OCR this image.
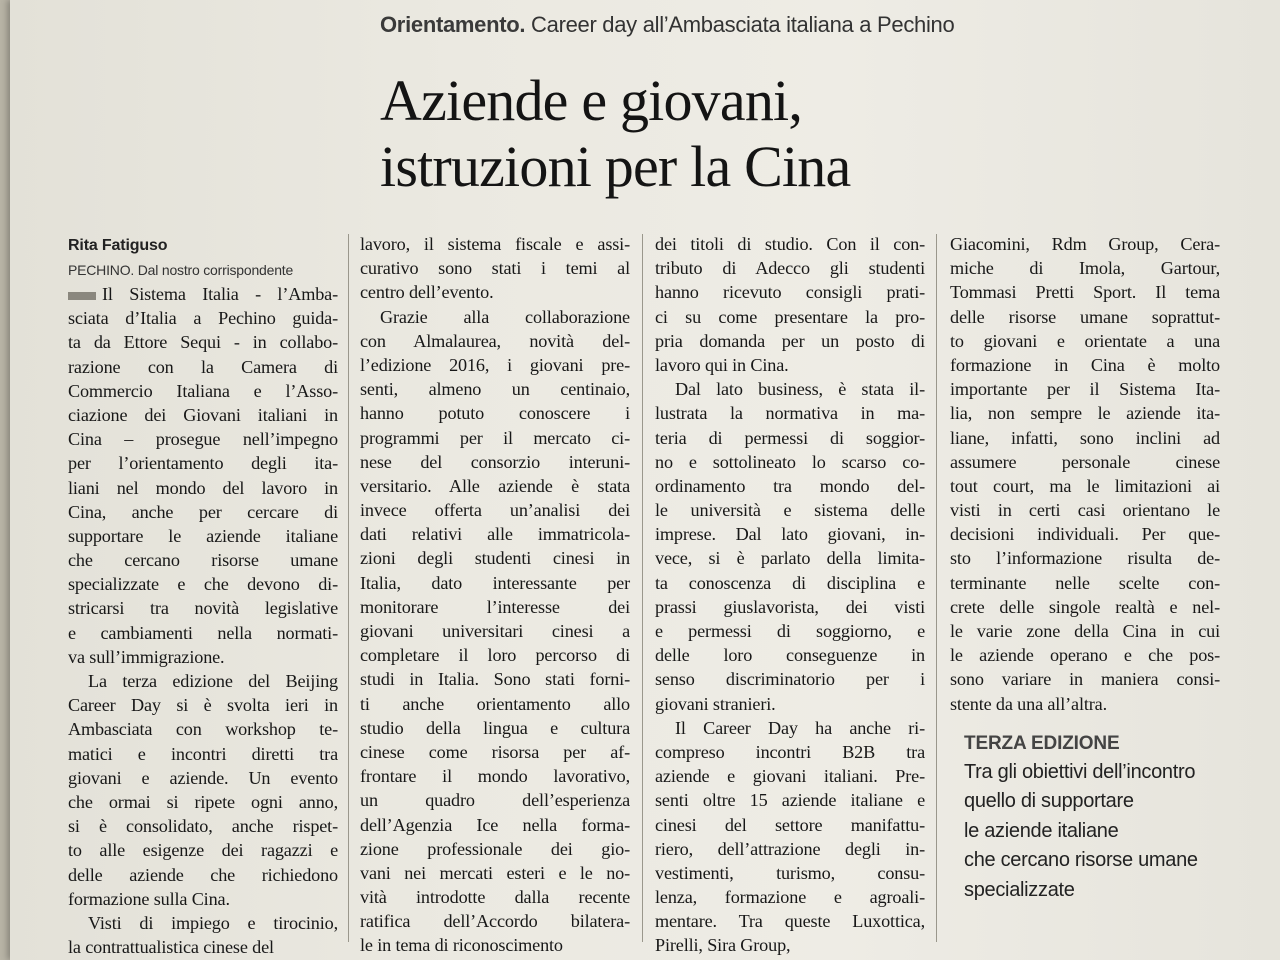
Orientamento. Career day all’Ambasciata italiana a Pechino
Aziende e giovani,
istruzioni per la Cina
Rita Fatiguso
PECHINO. Dal nostro corrispondente
Il Sistema Italia - l’Amba-
sciata d’Italia a Pechino guida-
ta da Ettore Sequi - in collabo-
razione con la Camera di
Commercio Italiana e l’Asso-
ciazione dei Giovani italiani in
Cina – prosegue nell’impegno
per l’orientamento degli ita-
liani nel mondo del lavoro in
Cina, anche per cercare di
supportare le aziende italiane
che cercano risorse umane
specializzate e che devono di-
stricarsi tra novità legislative
e cambiamenti nella normati-
va sull’immigrazione.
La terza edizione del Beijing
Career Day si è svolta ieri in
Ambasciata con workshop te-
matici e incontri diretti tra
giovani e aziende. Un evento
che ormai si ripete ogni anno,
si è consolidato, anche rispet-
to alle esigenze dei ragazzi e
delle aziende che richiedono
formazione sulla Cina.
Visti di impiego e tirocinio,
la contrattualistica cinese del
lavoro, il sistema fiscale e assi-
curativo sono stati i temi al
centro dell’evento.
Grazie alla collaborazione
con Almalaurea, novità del-
l’edizione 2016, i giovani pre-
senti, almeno un centinaio,
hanno potuto conoscere i
programmi per il mercato ci-
nese del consorzio interuni-
versitario. Alle aziende è stata
invece offerta un’analisi dei
dati relativi alle immatricola-
zioni degli studenti cinesi in
Italia, dato interessante per
monitorare l’interesse dei
giovani universitari cinesi a
completare il loro percorso di
studi in Italia. Sono stati forni-
ti anche orientamento allo
studio della lingua e cultura
cinese come risorsa per af-
frontare il mondo lavorativo,
un quadro dell’esperienza
dell’Agenzia Ice nella forma-
zione professionale dei gio-
vani nei mercati esteri e le no-
vità introdotte dalla recente
ratifica dell’Accordo bilatera-
le in tema di riconoscimento
dei titoli di studio. Con il con-
tributo di Adecco gli studenti
hanno ricevuto consigli prati-
ci su come presentare la pro-
pria domanda per un posto di
lavoro qui in Cina.
Dal lato business, è stata il-
lustrata la normativa in ma-
teria di permessi di soggior-
no e sottolineato lo scarso co-
ordinamento tra mondo del-
le università e sistema delle
imprese. Dal lato giovani, in-
vece, si è parlato della limita-
ta conoscenza di disciplina e
prassi giuslavorista, dei visti
e permessi di soggiorno, e
delle loro conseguenze in
senso discriminatorio per i
giovani stranieri.
Il Career Day ha anche ri-
compreso incontri B2B tra
aziende e giovani italiani. Pre-
senti oltre 15 aziende italiane e
cinesi del settore manifattu-
riero, dell’attrazione degli in-
vestimenti, turismo, consu-
lenza, formazione e agroali-
mentare. Tra queste Luxottica,
Pirelli, Sira Group,
Giacomini, Rdm Group, Cera-
miche di Imola, Gartour,
Tommasi Pretti Sport. Il tema
delle risorse umane soprattut-
to giovani e orientate a una
formazione in Cina è molto
importante per il Sistema Ita-
lia, non sempre le aziende ita-
liane, infatti, sono inclini ad
assumere personale cinese
tout court, ma le limitazioni ai
visti in certi casi orientano le
decisioni individuali. Per que-
sto l’informazione risulta de-
terminante nelle scelte con-
crete delle singole realtà e nel-
le varie zone della Cina in cui
le aziende operano e che pos-
sono variare in maniera consi-
stente da una all’altra.
TERZA EDIZIONE
Tra gli obiettivi dell’incontro
quello di supportare
le aziende italiane
che cercano risorse umane
specializzate
